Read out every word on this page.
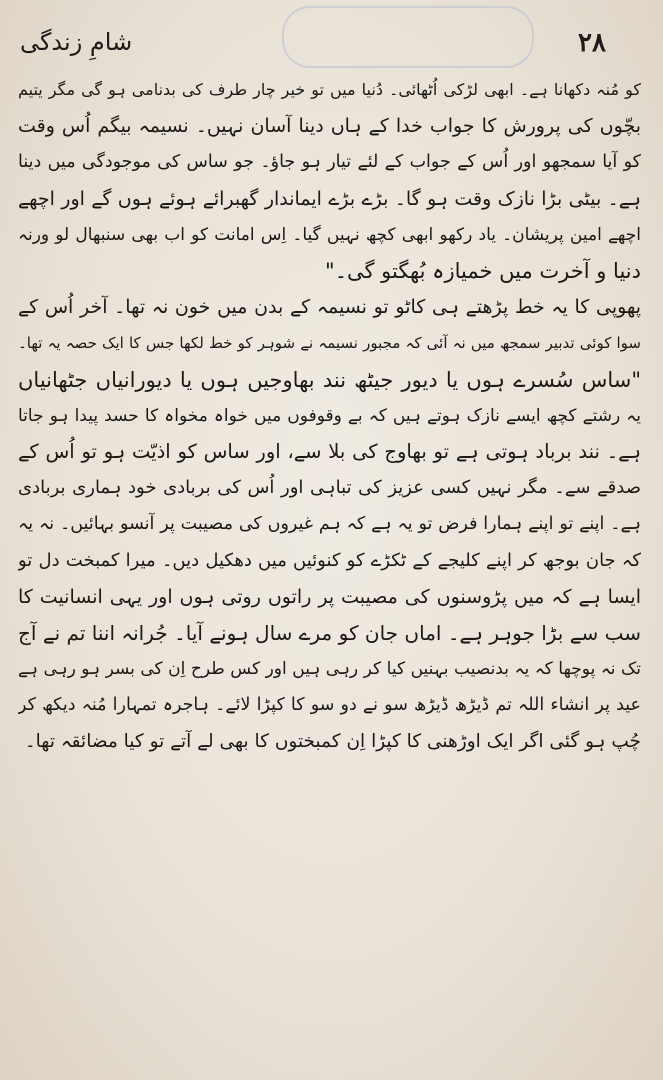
٢٨
شامِ زندگی
کو مُنہ دکھانا ہے۔ ابھی لڑکی اُٹھائی۔ دُنیا میں تو خیر چار طرف کی بدنامی ہو گی مگر یتیم
بچّوں کی پرورش کا جواب خدا کے ہاں دینا آسان نہیں۔ نسیمہ بیگم اُس وقت
کو آیا سمجھو اور اُس کے جواب کے لئے تیار ہو جاؤ۔ جو ساس کی موجودگی میں دینا
ہے۔ بیٹی بڑا نازک وقت ہو گا۔ بڑے بڑے ایماندار گھبرائے ہوئے ہوں گے اور اچھے
اچھے امین پریشان۔ یاد رکھو ابھی کچھ نہیں گیا۔ اِس امانت کو اب بھی سنبھال لو ورنہ
دنیا و آخرت میں خمیازہ بُھگتو گی۔"
پھوپی کا یہ خط پڑھتے ہی کاٹو تو نسیمہ کے بدن میں خون نہ تھا۔ آخر اُس کے
سوا کوئی تدبیر سمجھ میں نہ آئی کہ مجبور نسیمہ نے شوہر کو خط لکھا جس کا ایک حصہ یہ تھا۔
"ساس سُسرے ہوں یا دیور جیٹھ نند بھاوجیں ہوں یا دیورانیاں جٹھانیاں
یہ رشتے کچھ ایسے نازک ہوتے ہیں کہ بے وقوفوں میں خواہ مخواہ کا حسد پیدا ہو جاتا
ہے۔ نند برباد ہوتی ہے تو بھاوج کی بلا سے، اور ساس کو اذیّت ہو تو اُس کے
صدقے سے۔ مگر نہیں کسی عزیز کی تباہی اور اُس کی بربادی خود ہماری بربادی
ہے۔ اپنے تو اپنے ہمارا فرض تو یہ ہے کہ ہم غیروں کی مصیبت پر آنسو بہائیں۔ نہ یہ
کہ جان بوجھ کر اپنے کلیجے کے ٹکڑے کو کنوئیں میں دھکیل دیں۔ میرا کمبخت دل تو
ایسا ہے کہ میں پڑوسنوں کی مصیبت پر راتوں روتی ہوں اور یہی انسانیت کا
سب سے بڑا جوہر ہے۔ اماں جان کو مرے سال ہونے آیا۔ جُرانہ اننا تم نے آج
تک نہ پوچھا کہ یہ بدنصیب بہنیں کیا کر رہی ہیں اور کس طرح اِن کی بسر ہو رہی ہے
عید پر انشاء اللہ تم ڈیڑھ ڈیڑھ سو نے دو سو کا کپڑا لائے۔ ہاجرہ تمہارا مُنہ دیکھ کر
چُپ ہو گئی اگر ایک اوڑھنی کا کپڑا اِن کمبختوں کا بھی لے آتے تو کیا مضائقہ تھا۔
